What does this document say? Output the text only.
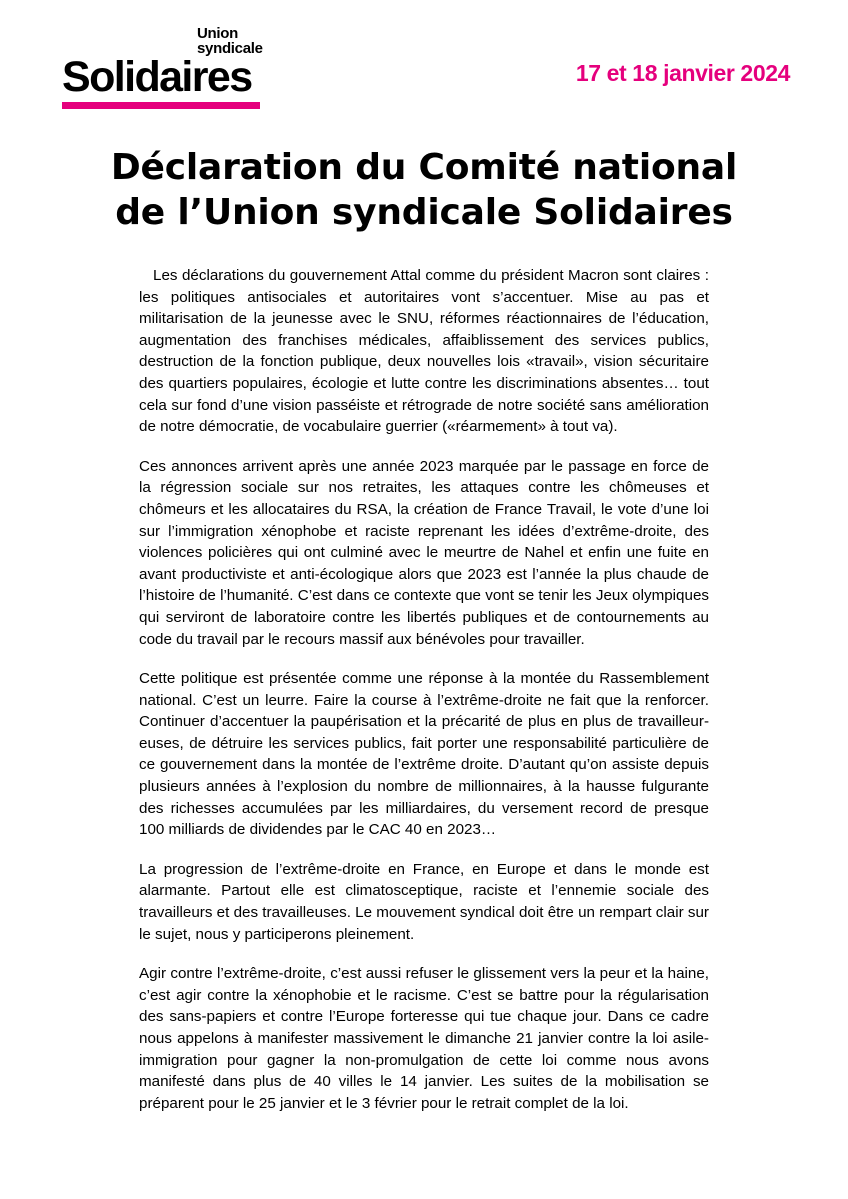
Union
syndicale
Solidaires	17 et 18 janvier 2024
Déclaration du Comité national
de l’Union syndicale Solidaires

Les déclarations du gouvernement Attal comme du président Macron sont claires : les politiques antisociales et autoritaires vont s’accentuer. Mise au pas et militarisation de la jeunesse avec le SNU, réformes réactionnaires de l’éducation, augmentation des franchises médicales, affaiblissement des services publics, destruction de la fonction publique, deux nouvelles lois «travail», vision sécuritaire des quartiers populaires, écologie et lutte contre les discriminations absentes… tout cela sur fond d’une vision passéiste et rétrograde de notre société sans amélioration de notre démocratie, de vocabulaire guerrier («réarmement» à tout va).

Ces annonces arrivent après une année 2023 marquée par le passage en force de la régression sociale sur nos retraites, les attaques contre les chômeuses et chômeurs et les allocataires du RSA, la création de France Travail, le vote d’une loi sur l’immigration xénophobe et raciste reprenant les idées d’extrême-droite, des violences policières qui ont culminé avec le meurtre de Nahel et enfin une fuite en avant productiviste et anti-écologique alors que 2023 est l’année la plus chaude de l’histoire de l’humanité. C’est dans ce contexte que vont se tenir les Jeux olympiques qui serviront de laboratoire contre les libertés publiques et de contournements au code du travail par le recours massif aux bénévoles pour travailler.

Cette politique est présentée comme une réponse à la montée du Rassemblement national. C’est un leurre. Faire la course à l’extrême-droite ne fait que la renforcer. Continuer d’accentuer la paupérisation et la précarité de plus en plus de travailleur-euses, de détruire les services publics, fait porter une responsabilité particulière de ce gouvernement dans la montée de l’extrême droite. D’autant qu’on assiste depuis plusieurs années à l’explosion du nombre de millionnaires, à la hausse fulgurante des richesses accumulées par les milliardaires, du versement record de presque 100 milliards de dividendes par le CAC 40 en 2023…

La progression de l’extrême-droite en France, en Europe et dans le monde est alarmante. Partout elle est climatosceptique, raciste et l’ennemie sociale des travailleurs et des travailleuses. Le mouvement syndical doit être un rempart clair sur le sujet, nous y participerons pleinement.

Agir contre l’extrême-droite, c’est aussi refuser le glissement vers la peur et la haine, c’est agir contre la xénophobie et le racisme. C’est se battre pour la régularisation des sans-papiers et contre l’Europe forteresse qui tue chaque jour. Dans ce cadre nous appelons à manifester massivement le dimanche 21 janvier contre la loi asile-immigration pour gagner la non-promulgation de cette loi comme nous avons manifesté dans plus de 40 villes le 14 janvier. Les suites de la mobilisation se préparent pour le 25 janvier et le 3 février pour le retrait complet de la loi.
